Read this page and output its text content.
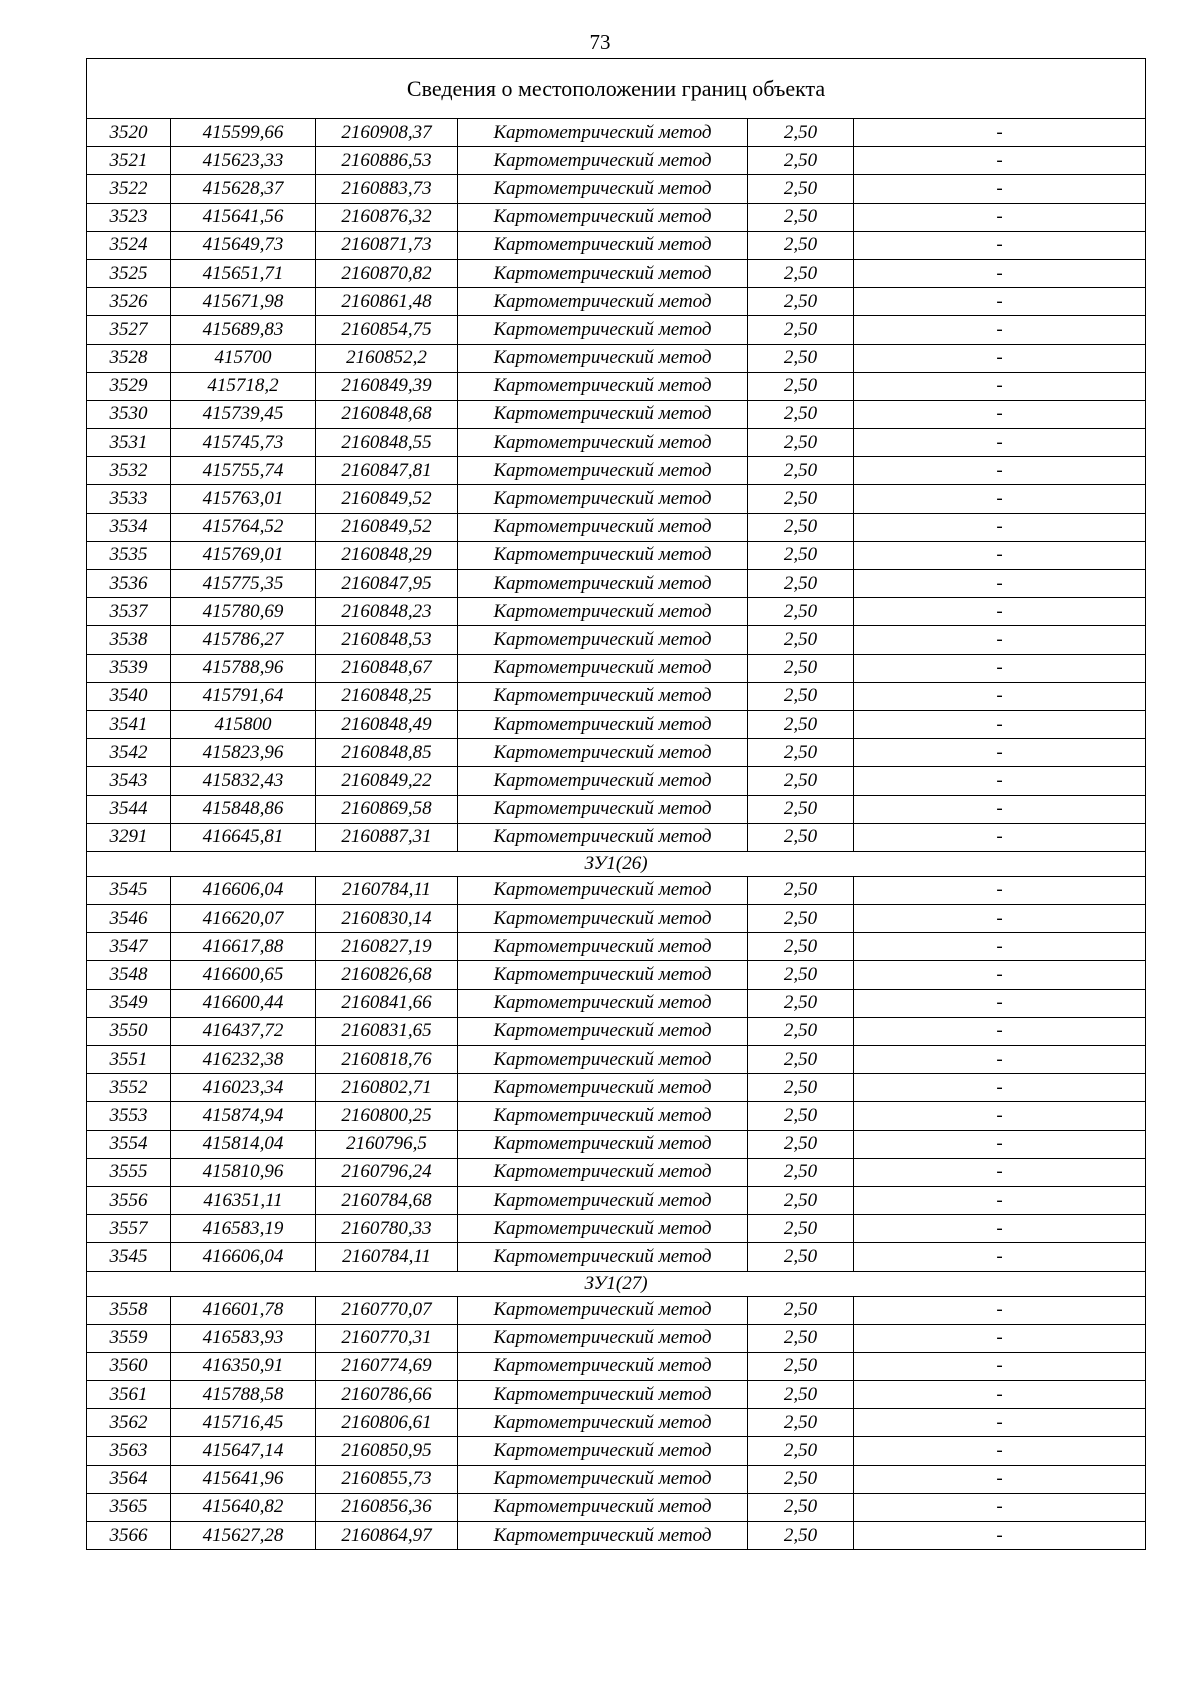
73
Сведения о местоположении границ объекта					
3520	415599,66	2160908,37	Картометрический метод	2,50	-
3521	415623,33	2160886,53	Картометрический метод	2,50	-
3522	415628,37	2160883,73	Картометрический метод	2,50	-
3523	415641,56	2160876,32	Картометрический метод	2,50	-
3524	415649,73	2160871,73	Картометрический метод	2,50	-
3525	415651,71	2160870,82	Картометрический метод	2,50	-
3526	415671,98	2160861,48	Картометрический метод	2,50	-
3527	415689,83	2160854,75	Картометрический метод	2,50	-
3528	415700	2160852,2	Картометрический метод	2,50	-
3529	415718,2	2160849,39	Картометрический метод	2,50	-
3530	415739,45	2160848,68	Картометрический метод	2,50	-
3531	415745,73	2160848,55	Картометрический метод	2,50	-
3532	415755,74	2160847,81	Картометрический метод	2,50	-
3533	415763,01	2160849,52	Картометрический метод	2,50	-
3534	415764,52	2160849,52	Картометрический метод	2,50	-
3535	415769,01	2160848,29	Картометрический метод	2,50	-
3536	415775,35	2160847,95	Картометрический метод	2,50	-
3537	415780,69	2160848,23	Картометрический метод	2,50	-
3538	415786,27	2160848,53	Картометрический метод	2,50	-
3539	415788,96	2160848,67	Картометрический метод	2,50	-
3540	415791,64	2160848,25	Картометрический метод	2,50	-
3541	415800	2160848,49	Картометрический метод	2,50	-
3542	415823,96	2160848,85	Картометрический метод	2,50	-
3543	415832,43	2160849,22	Картометрический метод	2,50	-
3544	415848,86	2160869,58	Картометрический метод	2,50	-
3291	416645,81	2160887,31	Картометрический метод	2,50	-
ЗУ1(26)					
3545	416606,04	2160784,11	Картометрический метод	2,50	-
3546	416620,07	2160830,14	Картометрический метод	2,50	-
3547	416617,88	2160827,19	Картометрический метод	2,50	-
3548	416600,65	2160826,68	Картометрический метод	2,50	-
3549	416600,44	2160841,66	Картометрический метод	2,50	-
3550	416437,72	2160831,65	Картометрический метод	2,50	-
3551	416232,38	2160818,76	Картометрический метод	2,50	-
3552	416023,34	2160802,71	Картометрический метод	2,50	-
3553	415874,94	2160800,25	Картометрический метод	2,50	-
3554	415814,04	2160796,5	Картометрический метод	2,50	-
3555	415810,96	2160796,24	Картометрический метод	2,50	-
3556	416351,11	2160784,68	Картометрический метод	2,50	-
3557	416583,19	2160780,33	Картометрический метод	2,50	-
3545	416606,04	2160784,11	Картометрический метод	2,50	-
ЗУ1(27)					
3558	416601,78	2160770,07	Картометрический метод	2,50	-
3559	416583,93	2160770,31	Картометрический метод	2,50	-
3560	416350,91	2160774,69	Картометрический метод	2,50	-
3561	415788,58	2160786,66	Картометрический метод	2,50	-
3562	415716,45	2160806,61	Картометрический метод	2,50	-
3563	415647,14	2160850,95	Картометрический метод	2,50	-
3564	415641,96	2160855,73	Картометрический метод	2,50	-
3565	415640,82	2160856,36	Картометрический метод	2,50	-
3566	415627,28	2160864,97	Картометрический метод	2,50	-
